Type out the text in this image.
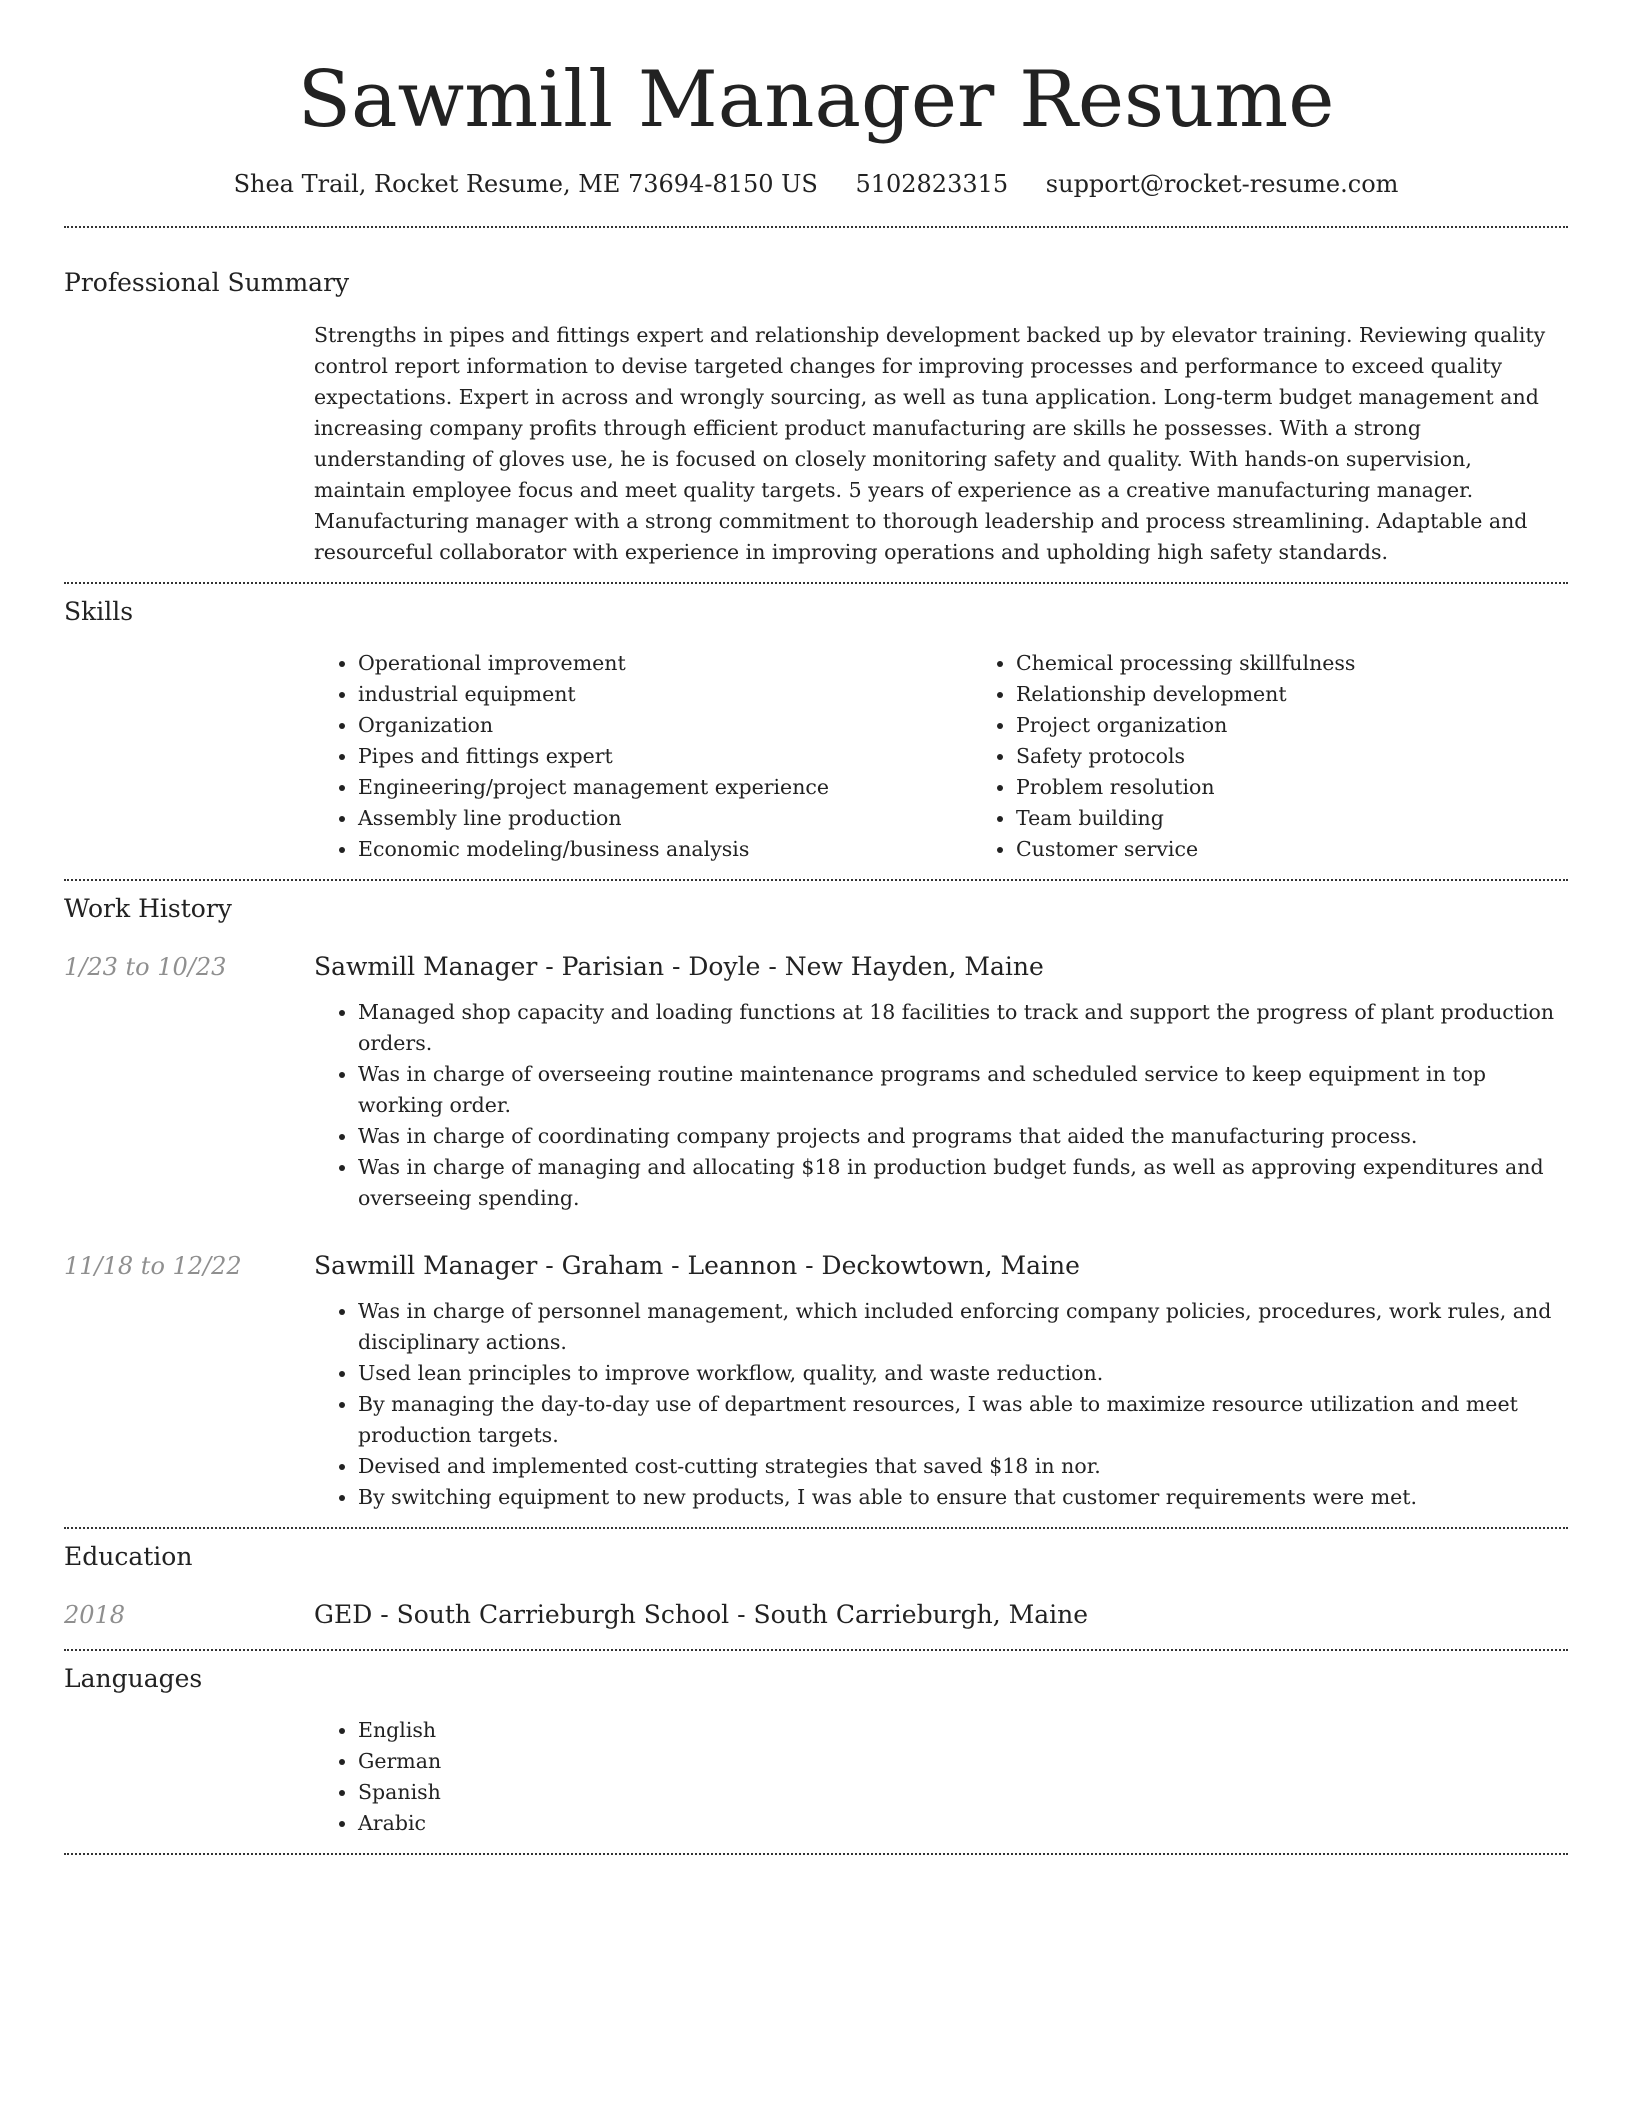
Sawmill Manager Resume
Shea Trail, Rocket Resume, ME 73694-8150 US 5102823315 support@rocket-resume.com
Professional Summary

Strengths in pipes and fittings expert and relationship development backed up by elevator training. Reviewing quality control report information to devise targeted changes for improving processes and performance to exceed quality expectations. Expert in across and wrongly sourcing, as well as tuna application. Long-term budget management and increasing company profits through efficient product manufacturing are skills he possesses. With a strong understanding of gloves use, he is focused on closely monitoring safety and quality. With hands-on supervision, maintain employee focus and meet quality targets. 5 years of experience as a creative manufacturing manager. Manufacturing manager with a strong commitment to thorough leadership and process streamlining. Adaptable and resourceful collaborator with experience in improving operations and upholding high safety standards.

Skills
• Operational improvement
• industrial equipment
• Organization
• Pipes and fittings expert
• Engineering/project management experience
• Assembly line production
• Economic modeling/business analysis
• Chemical processing skillfulness
• Relationship development
• Project organization
• Safety protocols
• Problem resolution
• Team building
• Customer service
Work History
1/23 to 10/23	Sawmill Manager - Parisian - Doyle - New Hayden, Maine
• Managed shop capacity and loading functions at 18 facilities to track and support the progress of plant production orders.
• Was in charge of overseeing routine maintenance programs and scheduled service to keep equipment in top working order.
• Was in charge of coordinating company projects and programs that aided the manufacturing process.
• Was in charge of managing and allocating $18 in production budget funds, as well as approving expenditures and overseeing spending.
11/18 to 12/22	Sawmill Manager - Graham - Leannon - Deckowtown, Maine
• Was in charge of personnel management, which included enforcing company policies, procedures, work rules, and disciplinary actions.
• Used lean principles to improve workflow, quality, and waste reduction.
• By managing the day-to-day use of department resources, I was able to maximize resource utilization and meet production targets.
• Devised and implemented cost-cutting strategies that saved $18 in nor.
• By switching equipment to new products, I was able to ensure that customer requirements were met.
Education
2018	GED - South Carrieburgh School - South Carrieburgh, Maine
Languages
• English
• German
• Spanish
• Arabic
